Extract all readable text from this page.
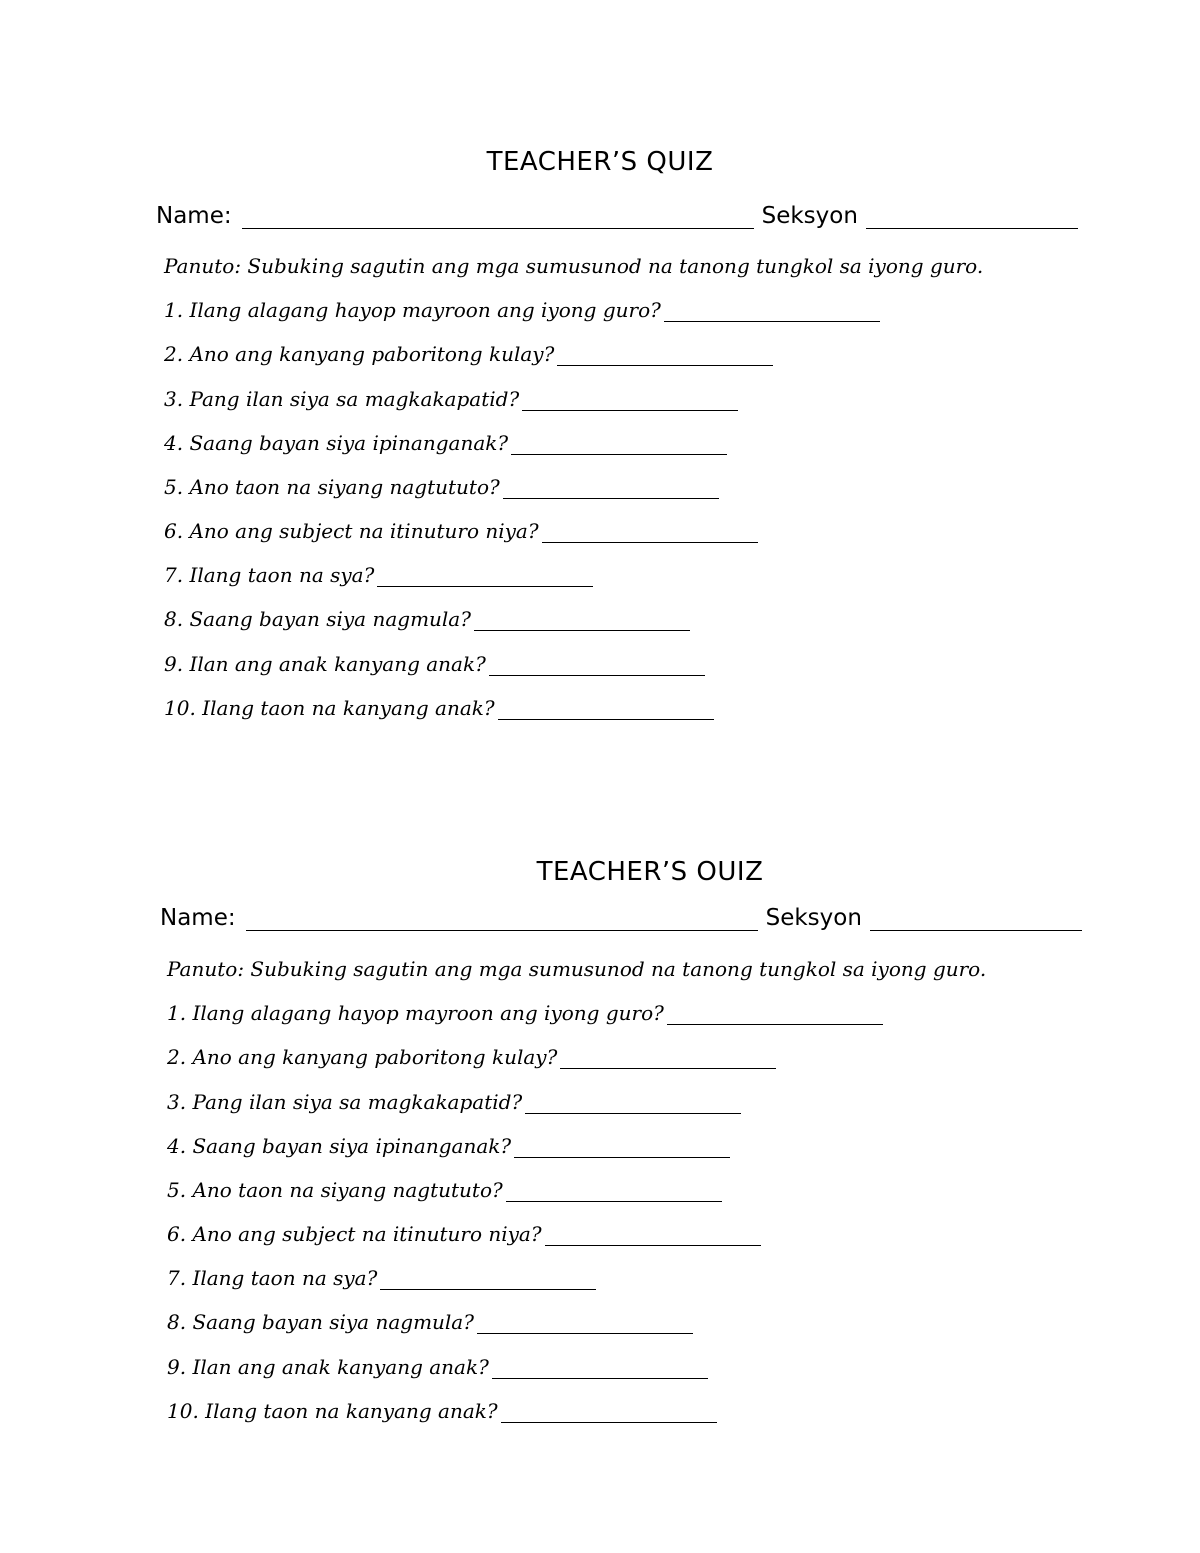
TEACHER’S QUIZ
Name:	Seksyon
Panuto: Subuking sagutin ang mga sumusunod na tanong tungkol sa iyong guro.
1. Ilang alagang hayop mayroon ang iyong guro?
2. Ano ang kanyang paboritong kulay?
3. Pang ilan siya sa magkakapatid?
4. Saang bayan siya ipinanganak?
5. Ano taon na siyang nagtututo?
6. Ano ang subject na itinuturo niya?
7. Ilang taon na sya?
8. Saang bayan siya nagmula?
9. Ilan ang anak kanyang anak?
10. Ilang taon na kanyang anak?
TEACHER’S OUIZ
Name:	Seksyon
Panuto: Subuking sagutin ang mga sumusunod na tanong tungkol sa iyong guro.
1. Ilang alagang hayop mayroon ang iyong guro?
2. Ano ang kanyang paboritong kulay?
3. Pang ilan siya sa magkakapatid?
4. Saang bayan siya ipinanganak?
5. Ano taon na siyang nagtututo?
6. Ano ang subject na itinuturo niya?
7. Ilang taon na sya?
8. Saang bayan siya nagmula?
9. Ilan ang anak kanyang anak?
10. Ilang taon na kanyang anak?
